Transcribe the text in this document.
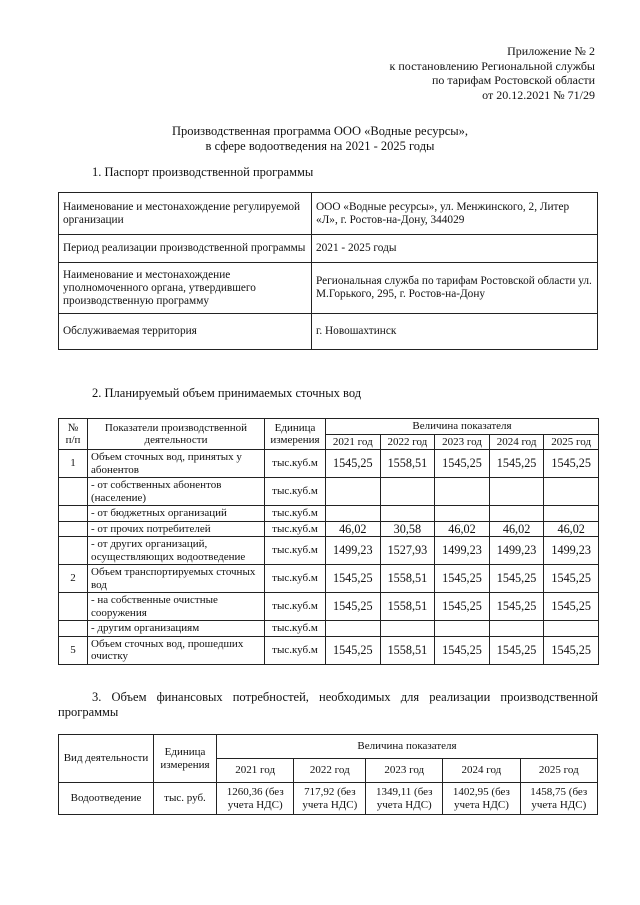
Приложение № 2
к постановлению Региональной службы
по тарифам Ростовской области
от 20.12.2021 № 71/29
Производственная программа ООО «Водные ресурсы»,
в сфере водоотведения на 2021 - 2025 годы
1. Паспорт производственной программы
Наименование и местонахождение регулируемой организации	ООО «Водные ресурсы», ул. Менжинского, 2, Литер «Л», г. Ростов-на-Дону, 344029
Период реализации производственной программы	2021 - 2025 годы
Наименование и местонахождение уполномоченного органа, утвердившего производственную программу	Региональная служба по тарифам Ростовской области ул. М.Горького, 295, г. Ростов-на-Дону
Обслуживаемая территория	г. Новошахтинск
2. Планируемый объем принимаемых сточных вод
№ п/п	Показатели производственной деятельности	Единица измерения	Величина показателя				
			2021 год	2022 год	2023 год	2024 год	2025 год
1	Объем сточных вод, принятых у абонентов	тыс.куб.м	1545,25	1558,51	1545,25	1545,25	1545,25
	- от собственных абонентов (население)	тыс.куб.м					
	- от бюджетных организаций	тыс.куб.м					
	- от прочих потребителей	тыс.куб.м	46,02	30,58	46,02	46,02	46,02
	- от других организаций, осуществляющих водоотведение	тыс.куб.м	1499,23	1527,93	1499,23	1499,23	1499,23
2	Объем транспортируемых сточных вод	тыс.куб.м	1545,25	1558,51	1545,25	1545,25	1545,25
	- на собственные очистные сооружения	тыс.куб.м	1545,25	1558,51	1545,25	1545,25	1545,25
	- другим организациям	тыс.куб.м					
5	Объем сточных вод, прошедших очистку	тыс.куб.м	1545,25	1558,51	1545,25	1545,25	1545,25
3. Объем финансовых потребностей, необходимых для реализации производственной программы
Вид деятельности	Единица измерения	Величина показателя				
		2021 год	2022 год	2023 год	2024 год	2025 год
Водоотведение	тыс. руб.	1260,36 (без учета НДС)	717,92 (без учета НДС)	1349,11 (без учета НДС)	1402,95 (без учета НДС)	1458,75 (без учета НДС)
